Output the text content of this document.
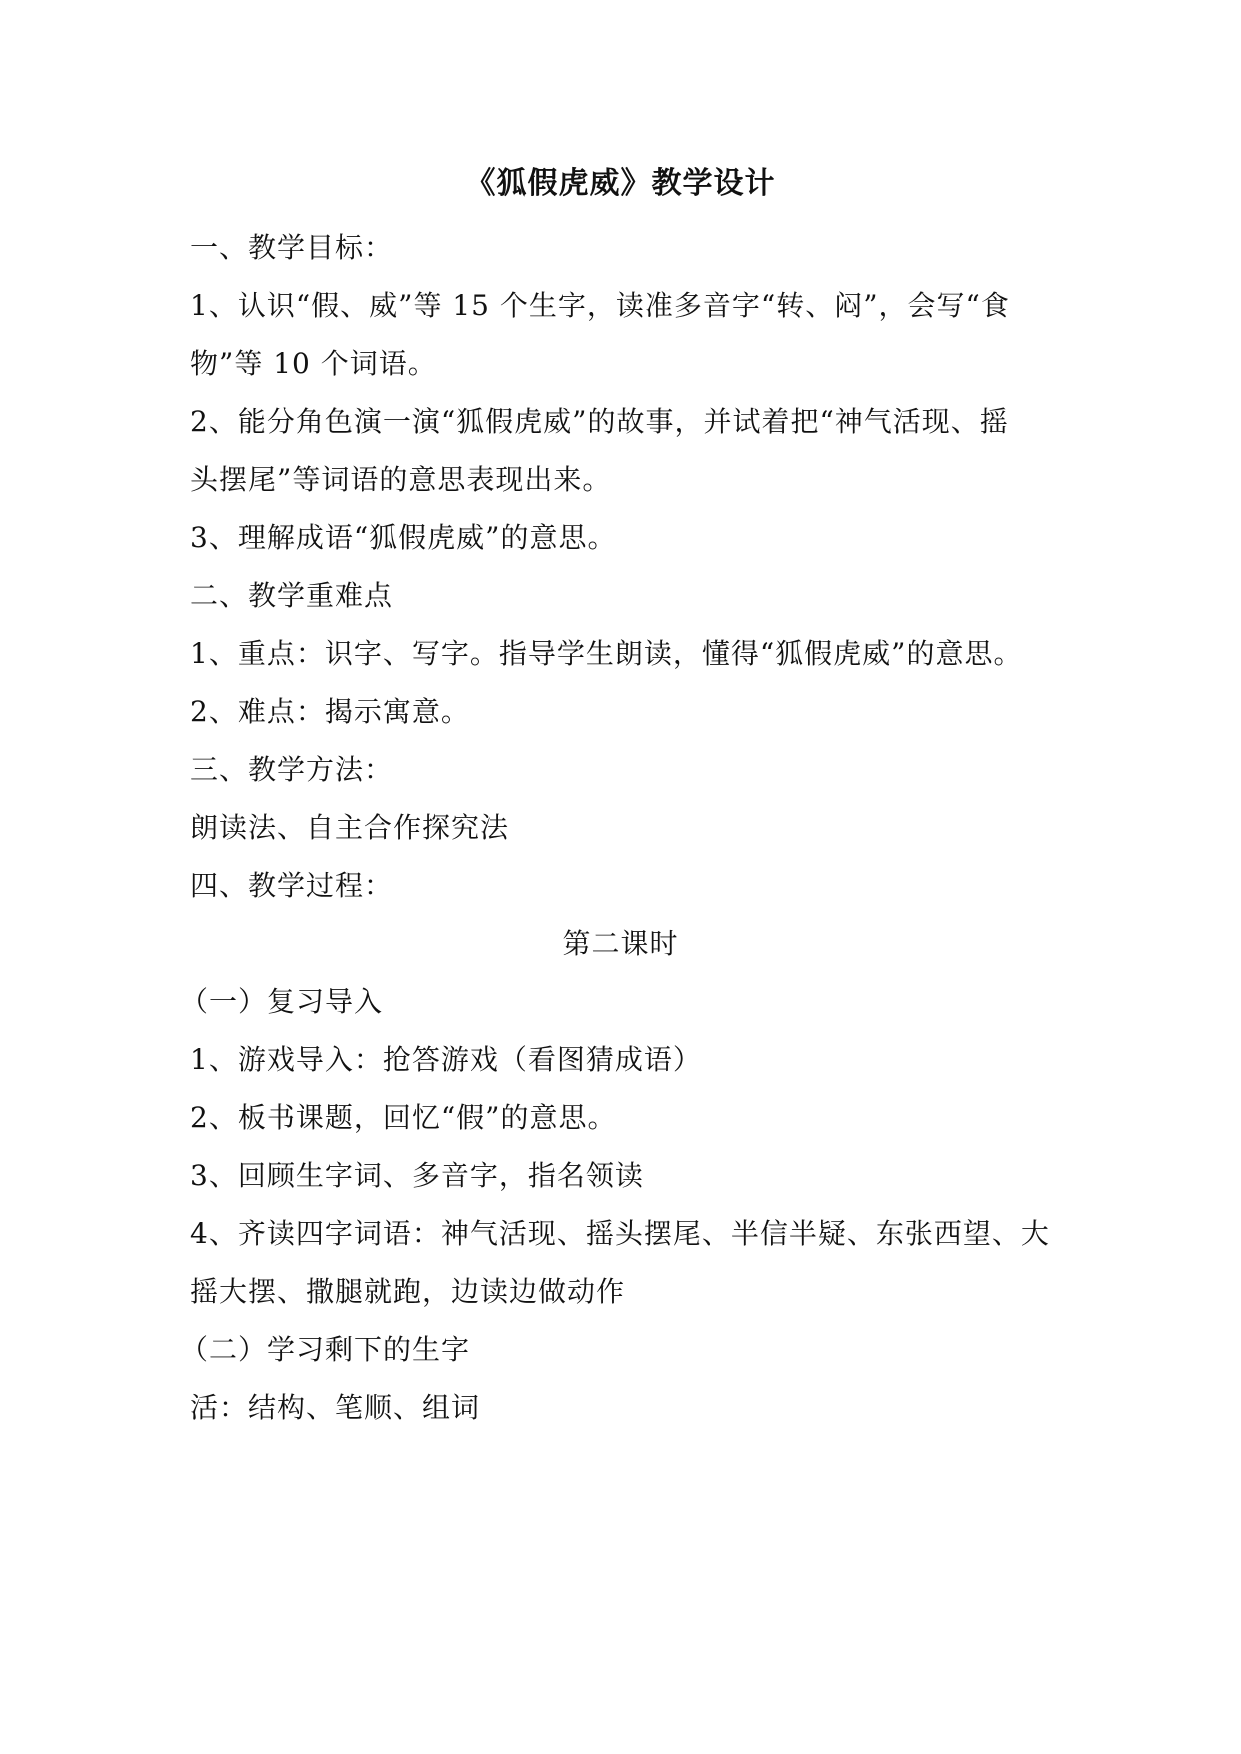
《狐假虎威》教学设计
一、教学目标：
1、认识“假、威”等 15 个生字，读准多音字“转、闷”，会写“食
物”等 10 个词语。
2、能分角色演一演“狐假虎威”的故事，并试着把“神气活现、摇
头摆尾”等词语的意思表现出来。
3、理解成语“狐假虎威”的意思。
二、教学重难点
1、重点：识字、写字。指导学生朗读，懂得“狐假虎威”的意思。
2、难点：揭示寓意。
三、教学方法：
朗读法、自主合作探究法
四、教学过程：
第二课时
（一）复习导入
1、游戏导入：抢答游戏（看图猜成语）
2、板书课题，回忆“假”的意思。
3、回顾生字词、多音字，指名领读
4、齐读四字词语：神气活现、摇头摆尾、半信半疑、东张西望、大
摇大摆、撒腿就跑，边读边做动作
（二）学习剩下的生字
活：结构、笔顺、组词
